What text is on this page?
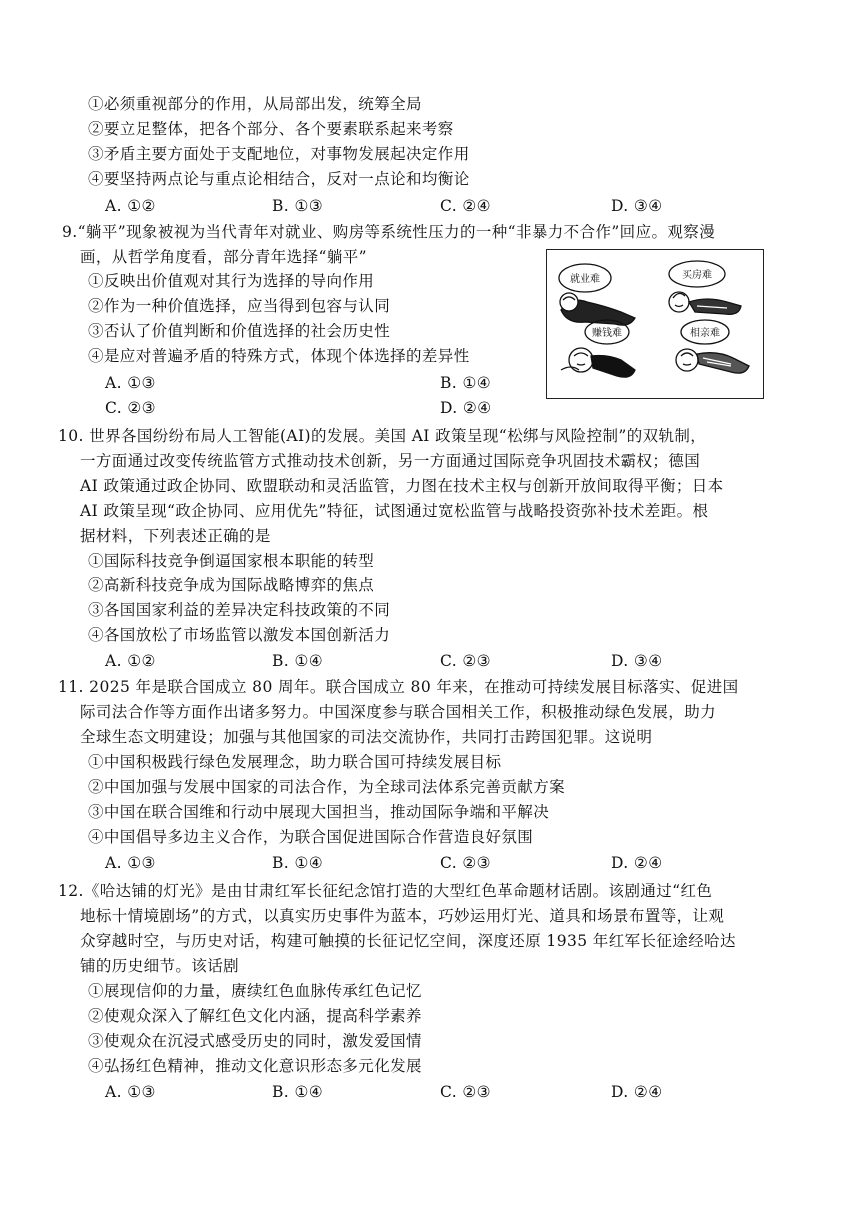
①必须重视部分的作用，从局部出发，统筹全局
②要立足整体，把各个部分、各个要素联系起来考察
③矛盾主要方面处于支配地位，对事物发展起决定作用
④要坚持两点论与重点论相结合，反对一点论和均衡论
A. ①②	B. ①③	C. ②④	D. ③④
9.“躺平”现象被视为当代青年对就业、购房等系统性压力的一种“非暴力不合作”回应。观察漫
画，从哲学角度看，部分青年选择“躺平”
①反映出价值观对其行为选择的导向作用
②作为一种价值选择，应当得到包容与认同
③否认了价值判断和价值选择的社会历史性
④是应对普遍矛盾的特殊方式，体现个体选择的差异性
A. ①③	B. ①④
C. ②③	D. ②④
就业难	买房难
赚钱难	相亲难
10. 世界各国纷纷布局人工智能(AI)的发展。美国 AI 政策呈现“松绑与风险控制”的双轨制，
一方面通过改变传统监管方式推动技术创新，另一方面通过国际竞争巩固技术霸权；德国
AI 政策通过政企协同、欧盟联动和灵活监管，力图在技术主权与创新开放间取得平衡；日本
AI 政策呈现“政企协同、应用优先”特征，试图通过宽松监管与战略投资弥补技术差距。根
据材料，下列表述正确的是
①国际科技竞争倒逼国家根本职能的转型
②高新科技竞争成为国际战略博弈的焦点
③各国国家利益的差异决定科技政策的不同
④各国放松了市场监管以激发本国创新活力
A. ①②	B. ①④	C. ②③	D. ③④
11. 2025 年是联合国成立 80 周年。联合国成立 80 年来，在推动可持续发展目标落实、促进国
际司法合作等方面作出诸多努力。中国深度参与联合国相关工作，积极推动绿色发展，助力
全球生态文明建设；加强与其他国家的司法交流协作，共同打击跨国犯罪。这说明
①中国积极践行绿色发展理念，助力联合国可持续发展目标
②中国加强与发展中国家的司法合作，为全球司法体系完善贡献方案
③中国在联合国维和行动中展现大国担当，推动国际争端和平解决
④中国倡导多边主义合作，为联合国促进国际合作营造良好氛围
A. ①③	B. ①④	C. ②③	D. ②④
12.《哈达铺的灯光》是由甘肃红军长征纪念馆打造的大型红色革命题材话剧。该剧通过“红色
地标十情境剧场”的方式，以真实历史事件为蓝本，巧妙运用灯光、道具和场景布置等，让观
众穿越时空，与历史对话，构建可触摸的长征记忆空间，深度还原 1935 年红军长征途经哈达
铺的历史细节。该话剧
①展现信仰的力量，赓续红色血脉传承红色记忆
②使观众深入了解红色文化内涵，提高科学素养
③使观众在沉浸式感受历史的同时，激发爱国情
④弘扬红色精神，推动文化意识形态多元化发展
A. ①③	B. ①④	C. ②③	D. ②④
